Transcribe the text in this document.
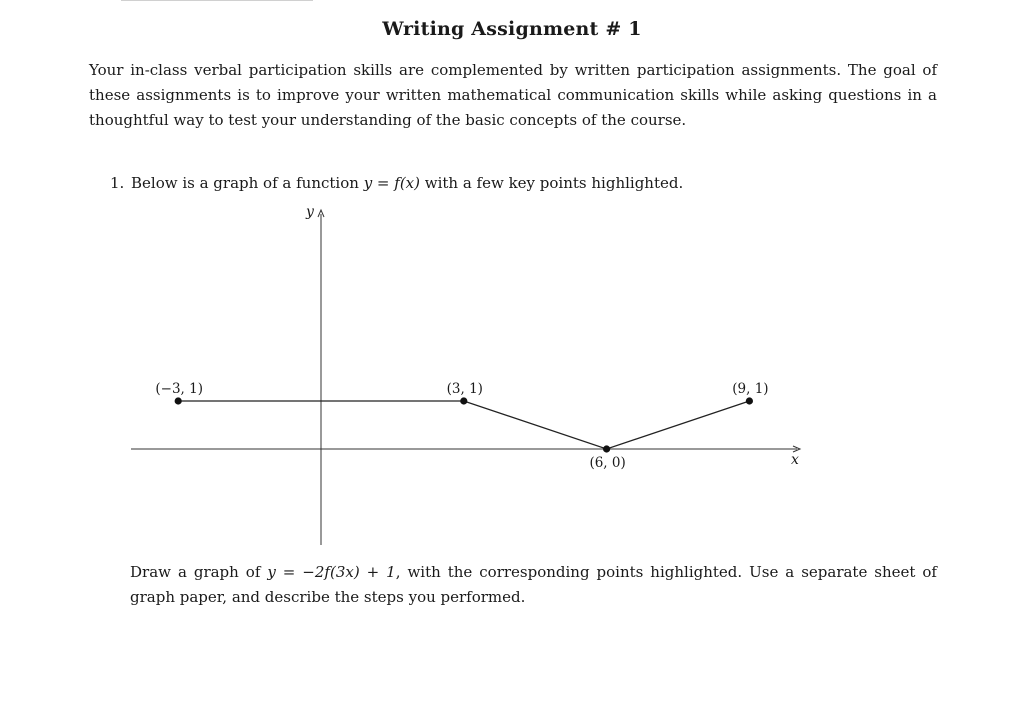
Writing Assignment # 1
Your in-class verbal participation skills are complemented by written participation assignments. The goal of these assignments is to improve your written mathematical communication skills while asking questions in a thoughtful way to test your understanding of the basic concepts of the course.
1. Below is a graph of a function y = f(x) with a few key points highlighted.
x
y
(−3, 1)	(3, 1)
(6, 0)
(9, 1)
Draw a graph of y = −2f(3x) + 1, with the corresponding points highlighted. Use a separate sheet of graph paper, and describe the steps you performed.
